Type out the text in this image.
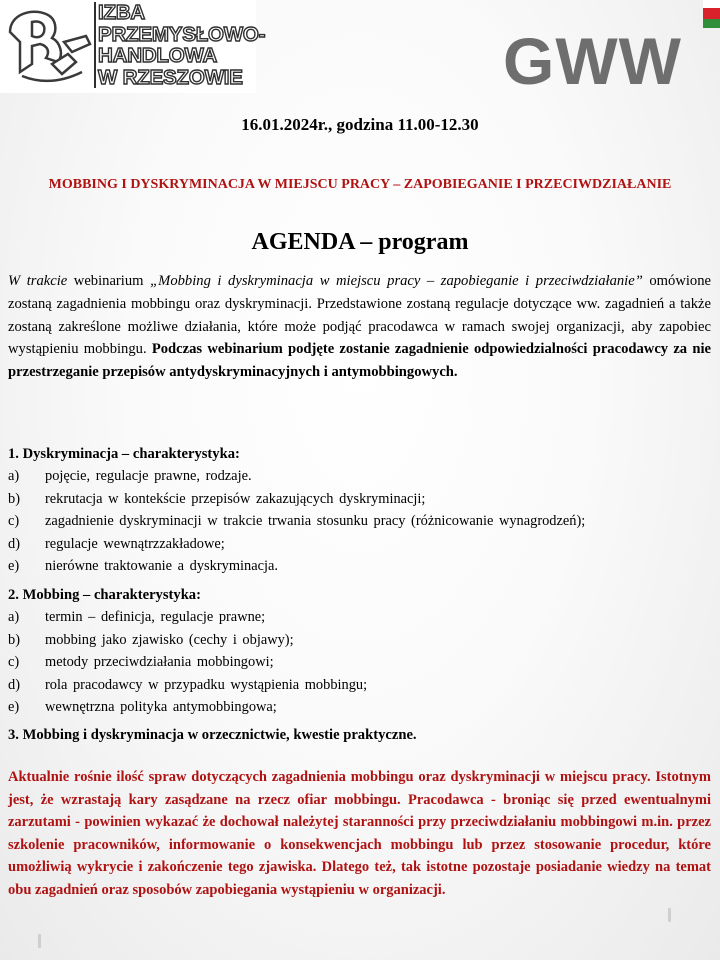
IZBA
PRZEMYSŁOWO-
HANDLOWA
W RZESZOWIE	GWW
16.01.2024r., godzina 11.00-12.30
MOBBING I DYSKRYMINACJA W MIEJSCU PRACY – ZAPOBIEGANIE I PRZECIWDZIAŁANIE
AGENDA – program
W trakcie webinarium „Mobbing i dyskryminacja w miejscu pracy – zapobieganie i przeciwdziałanie” omówione zostaną zagadnienia mobbingu oraz dyskryminacji. Przedstawione zostaną regulacje dotyczące ww. zagadnień a także zostaną zakreślone możliwe działania, które może podjąć pracodawca w ramach swojej organizacji, aby zapobiec wystąpieniu mobbingu. Podczas webinarium podjęte zostanie zagadnienie odpowiedzialności pracodawcy za nie przestrzeganie przepisów antydyskryminacyjnych i antymobbingowych.
1. Dyskryminacja – charakterystyka:
a)	pojęcie, regulacje prawne, rodzaje.
b)	rekrutacja w kontekście przepisów zakazujących dyskryminacji;
c)	zagadnienie dyskryminacji w trakcie trwania stosunku pracy (różnicowanie wynagrodzeń);
d)	regulacje wewnątrzzakładowe;
e)	nierówne traktowanie a dyskryminacja.
2. Mobbing – charakterystyka:
a)	termin – definicja, regulacje prawne;
b)	mobbing jako zjawisko (cechy i objawy);
c)	metody przeciwdziałania mobbingowi;
d)	rola pracodawcy w przypadku wystąpienia mobbingu;
e)	wewnętrzna polityka antymobbingowa;
3. Mobbing i dyskryminacja w orzecznictwie, kwestie praktyczne.
Aktualnie rośnie ilość spraw dotyczących zagadnienia mobbingu oraz dyskryminacji w miejscu pracy. Istotnym jest, że wzrastają kary zasądzane na rzecz ofiar mobbingu. Pracodawca - broniąc się przed ewentualnymi zarzutami - powinien wykazać że dochował należytej staranności przy przeciwdziałaniu mobbingowi m.in. przez szkolenie pracowników, informowanie o konsekwencjach mobbingu lub przez stosowanie procedur, które umożliwią wykrycie i zakończenie tego zjawiska. Dlatego też, tak istotne pozostaje posiadanie wiedzy na temat obu zagadnień oraz sposobów zapobiegania wystąpieniu w organizacji.
